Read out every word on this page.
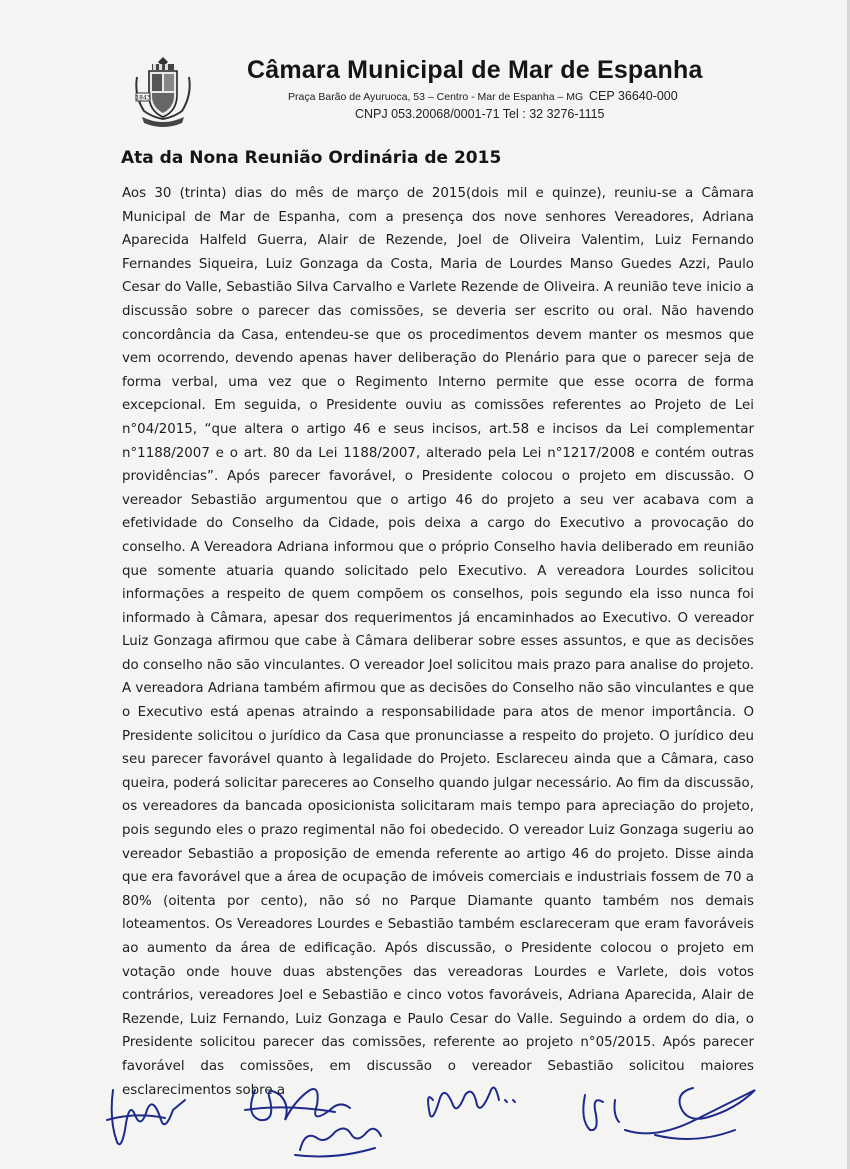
1843
Câmara Municipal de Mar de Espanha
Praça Barão de Ayuruoca, 53 – Centro - Mar de Espanha – MG CEP 36640-000
CNPJ 053.20068/0001-71 Tel : 32 3276-1115
Ata da Nona Reunião Ordinária de 2015

Aos 30 (trinta) dias do mês de março de 2015(dois mil e quinze), reuniu-se a Câmara Municipal de Mar de Espanha, com a presença dos nove senhores Vereadores, Adriana Aparecida Halfeld Guerra, Alair de Rezende, Joel de Oliveira Valentim, Luiz Fernando Fernandes Siqueira, Luiz Gonzaga da Costa, Maria de Lourdes Manso Guedes Azzi, Paulo Cesar do Valle, Sebastião Silva Carvalho e Varlete Rezende de Oliveira. A reunião teve inicio a discussão sobre o parecer das comissões, se deveria ser escrito ou oral. Não havendo concordância da Casa, entendeu-se que os procedimentos devem manter os mesmos que vem ocorrendo, devendo apenas haver deliberação do Plenário para que o parecer seja de forma verbal, uma vez que o Regimento Interno permite que esse ocorra de forma excepcional. Em seguida, o Presidente ouviu as comissões referentes ao Projeto de Lei n°04/2015, “que altera o artigo 46 e seus incisos, art.58 e incisos da Lei complementar n°1188/2007 e o art. 80 da Lei 1188/2007, alterado pela Lei n°1217/2008 e contém outras providências”. Após parecer favorável, o Presidente colocou o projeto em discussão. O vereador Sebastião argumentou que o artigo 46 do projeto a seu ver acabava com a efetividade do Conselho da Cidade, pois deixa a cargo do Executivo a provocação do conselho. A Vereadora Adriana informou que o próprio Conselho havia deliberado em reunião que somente atuaria quando solicitado pelo Executivo. A vereadora Lourdes solicitou informações a respeito de quem compõem os conselhos, pois segundo ela isso nunca foi informado à Câmara, apesar dos requerimentos já encaminhados ao Executivo. O vereador Luiz Gonzaga afirmou que cabe à Câmara deliberar sobre esses assuntos, e que as decisões do conselho não são vinculantes. O vereador Joel solicitou mais prazo para analise do projeto. A vereadora Adriana também afirmou que as decisões do Conselho não são vinculantes e que o Executivo está apenas atraindo a responsabilidade para atos de menor importância. O Presidente solicitou o jurídico da Casa que pronunciasse a respeito do projeto. O jurídico deu seu parecer favorável quanto à legalidade do Projeto. Esclareceu ainda que a Câmara, caso queira, poderá solicitar pareceres ao Conselho quando julgar necessário. Ao fim da discussão, os vereadores da bancada oposicionista solicitaram mais tempo para apreciação do projeto, pois segundo eles o prazo regimental não foi obedecido. O vereador Luiz Gonzaga sugeriu ao vereador Sebastião a proposição de emenda referente ao artigo 46 do projeto. Disse ainda que era favorável que a área de ocupação de imóveis comerciais e industriais fossem de 70 a 80% (oitenta por cento), não só no Parque Diamante quanto também nos demais loteamentos. Os Vereadores Lourdes e Sebastião também esclareceram que eram favoráveis ao aumento da área de edificação. Após discussão, o Presidente colocou o projeto em votação onde houve duas abstenções das vereadoras Lourdes e Varlete, dois votos contrários, vereadores Joel e Sebastião e cinco votos favoráveis, Adriana Aparecida, Alair de Rezende, Luiz Fernando, Luiz Gonzaga e Paulo Cesar do Valle. Seguindo a ordem do dia, o Presidente solicitou parecer das comissões, referente ao projeto n°05/2015. Após parecer favorável das comissões, em discussão o vereador Sebastião solicitou maiores esclarecimentos sobre a
